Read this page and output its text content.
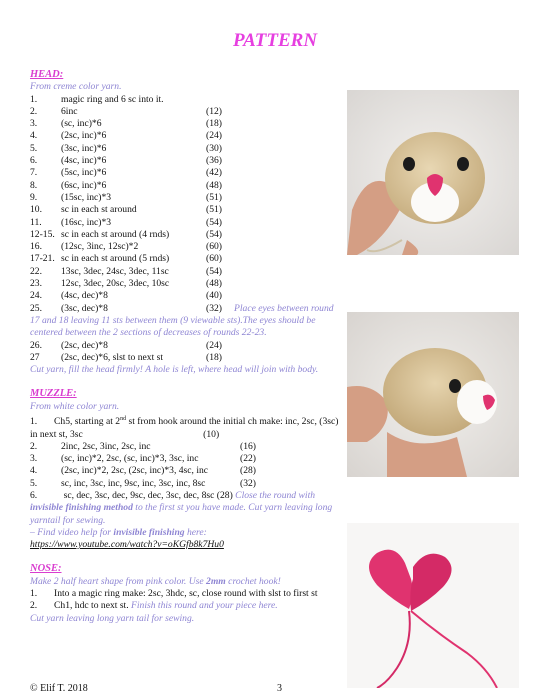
PATTERN
HEAD:
From creme color yarn.
1. magic ring and 6 sc into it.
2. 6inc	(12)
3. (sc, inc)*6	(18)
4. (2sc, inc)*6	(24)
5. (3sc, inc)*6	(30)
6. (4sc, inc)*6	(36)
7. (5sc, inc)*6	(42)
8. (6sc, inc)*6	(48)
9. (15sc, inc)*3	(51)
10. sc in each st around	(51)
11. (16sc, inc)*3	(54)
12-15. sc in each st around (4 rnds)	(54)
16. (12sc, 3inc, 12sc)*2	(60)
17-21. sc in each st around (5 rnds)	(60)
22. 13sc, 3dec, 24sc, 3dec, 11sc	(54)
23. 12sc, 3dec, 20sc, 3dec, 10sc	(48)
24. (4sc, dec)*8	(40)
25. (3sc, dec)*8	(32) Place eyes between round
17 and 18 leaving 11 sts between them (9 viewable sts).The eyes should be centered between the 2 sections of decreases of rounds 22-23.
26. (2sc, dec)*8	(24)
27 (2sc, dec)*6, slst to next st	(18)
Cut yarn, fill the head firmly! A hole is left, where head will join with body.
MUZZLE:
From white color yarn.
1. Ch5, starting at 2nd st from hook around the initial ch make: inc, 2sc, (3sc) in next st, 3sc	(10)
2. 2inc, 2sc, 3inc, 2sc, inc	(16)
3. (sc, inc)*2, 2sc, (sc, inc)*3, 3sc, inc	(22)
4. (2sc, inc)*2, 2sc, (2sc, inc)*3, 4sc, inc	(28)
5. sc, inc, 3sc, inc, 9sc, inc, 3sc, inc, 8sc	(32)
6.	sc, dec, 3sc, dec, 9sc, dec, 3sc, dec, 8sc (28) Close the round with invisible finishing method to the first st you have made. Cut yarn leaving long yarntail for sewing.
– Find video help for invisible finishing here:
https://www.youtube.com/watch?v=oKGfb8k7Hu0
NOSE:
Make 2 half heart shape from pink color. Use 2mm crochet hook!
1. Into a magic ring make: 2sc, 3hdc, sc, close round with slst to first st
2. Ch1, hdc to next st. Finish this round and your piece here.
Cut yarn leaving long yarn tail for sewing.
© Elif T. 2018	3
